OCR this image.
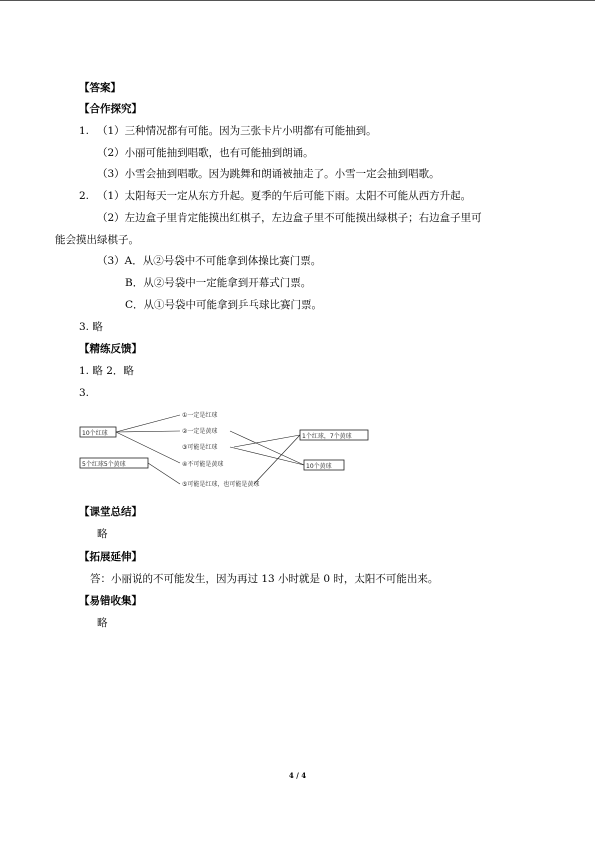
【答案】
【合作探究】
1. （1）三种情况都有可能。因为三张卡片小明都有可能抽到。
（2）小丽可能抽到唱歌，也有可能抽到朗诵。
（3）小雪会抽到唱歌。因为跳舞和朗诵被抽走了。小雪一定会抽到唱歌。
2. （1）太阳每天一定从东方升起。夏季的午后可能下雨。太阳不可能从西方升起。
（2）左边盒子里肯定能摸出红棋子，左边盒子里不可能摸出绿棋子；右边盒子里可
能会摸出绿棋子。
（3）A．从②号袋中不可能拿到体操比赛门票。
B．从②号袋中一定能拿到开幕式门票。
C．从①号袋中可能拿到乒乓球比赛门票。
3. 略
【精练反馈】
1. 略 2．略
3.
10个红球
5个红球5个黄球
①一定是红球
②一定是黄球
③可能是红球
④不可能是黄球
⑤可能是红球，也可能是黄球
1个红球，7个黄球
10个黄球
【课堂总结】
略
【拓展延伸】
答：小丽说的不可能发生，因为再过 13 小时就是 0 时，太阳不可能出来。
【易错收集】
略
4 / 4
